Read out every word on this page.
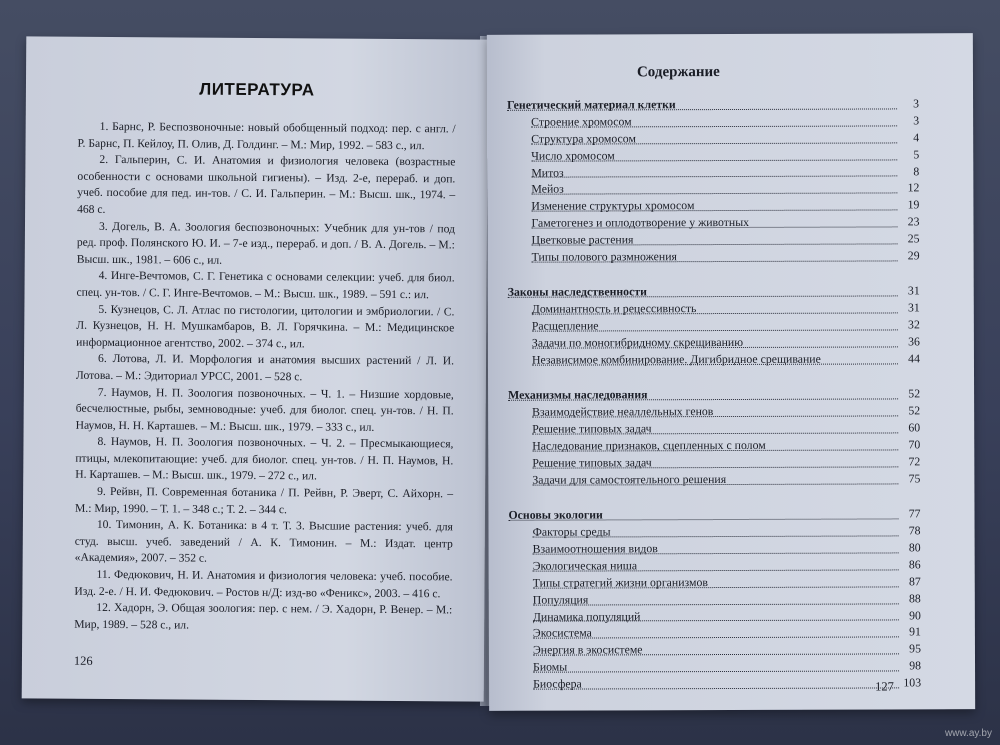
ЛИТЕРАТУРА

1. Барнс, Р. Беспозвоночные: новый обобщенный подход: пер. с англ. / Р. Барнс, П. Кейлоу, П. Олив, Д. Голдинг. – М.: Мир, 1992. – 583 с., ил.

2. Гальперин, С. И. Анатомия и физиология человека (возрастные особенности с основами школьной гигиены). – Изд. 2-е, перераб. и доп. учеб. пособие для пед. ин-тов. / С. И. Гальперин. – М.: Высш. шк., 1974. – 468 с.

3. Догель, В. А. Зоология беспозвоночных: Учебник для ун-тов / под ред. проф. Полянского Ю. И. – 7-е изд., перераб. и доп. / В. А. Догель. – М.: Высш. шк., 1981. – 606 с., ил.

4. Инге-Вечтомов, С. Г. Генетика с основами селекции: учеб. для биол. спец. ун-тов. / С. Г. Инге-Вечтомов. – М.: Высш. шк., 1989. – 591 с.: ил.

5. Кузнецов, С. Л. Атлас по гистологии, цитологии и эмбриологии. / С. Л. Кузнецов, Н. Н. Мушкамбаров, В. Л. Горячкина. – М.: Медицинское информационное агентство, 2002. – 374 с., ил.

6. Лотова, Л. И. Морфология и анатомия высших растений / Л. И. Лотова. – М.: Эдиториал УРСС, 2001. – 528 с.

7. Наумов, Н. П. Зоология позвоночных. – Ч. 1. – Низшие хордовые, бесчелюстные, рыбы, земноводные: учеб. для биолог. спец. ун-тов. / Н. П. Наумов, Н. Н. Карташев. – М.: Высш. шк., 1979. – 333 с., ил.

8. Наумов, Н. П. Зоология позвоночных. – Ч. 2. – Пресмыкающиеся, птицы, млекопитающие: учеб. для биолог. спец. ун-тов. / Н. П. Наумов, Н. Н. Карташев. – М.: Высш. шк., 1979. – 272 с., ил.

9. Рейвн, П. Современная ботаника / П. Рейвн, Р. Эверт, С. Айхорн. – М.: Мир, 1990. – Т. 1. – 348 с.; Т. 2. – 344 с.

10. Тимонин, А. К. Ботаника: в 4 т. Т. 3. Высшие растения: учеб. для студ. высш. учеб. заведений / А. К. Тимонин. – М.: Издат. центр «Академия», 2007. – 352 с.

11. Федюкович, Н. И. Анатомия и физиология человека: учеб. пособие. Изд. 2-е. / Н. И. Федюкович. – Ростов н/Д: изд-во «Феникс», 2003. – 416 с.

12. Хадорн, Э. Общая зоология: пер. с нем. / Э. Хадорн, Р. Венер. – М.: Мир, 1989. – 528 с., ил.

126
Содержание
Генетический материал клетки	3
Строение хромосом	3
Структура хромосом	4
Число хромосом	5
Митоз	8
Мейоз	12
Изменение структуры хромосом	19
Гаметогенез и оплодотворение у животных	23
Цветковые растения	25
Типы полового размножения	29
Законы наследственности	31
Доминантность и рецессивность	31
Расщепление	32
Задачи по моногибридному скрещиванию	36
Независимое комбинирование. Дигибридное срещивание	44
Механизмы наследования	52
Взаимодействие неаллельных генов	52
Решение типовых задач	60
Наследование признаков, сцепленных с полом	70
Решение типовых задач	72
Задачи для самостоятельного решения	75
Основы экологии	77
Факторы среды	78
Взаимоотношения видов	80
Экологическая ниша	86
Типы стратегий жизни организмов	87
Популяция	88
Динамика популяций	90
Экосистема	91
Энергия в экосистеме	95
Биомы	98
Биосфера	103
127
www.ay.by
